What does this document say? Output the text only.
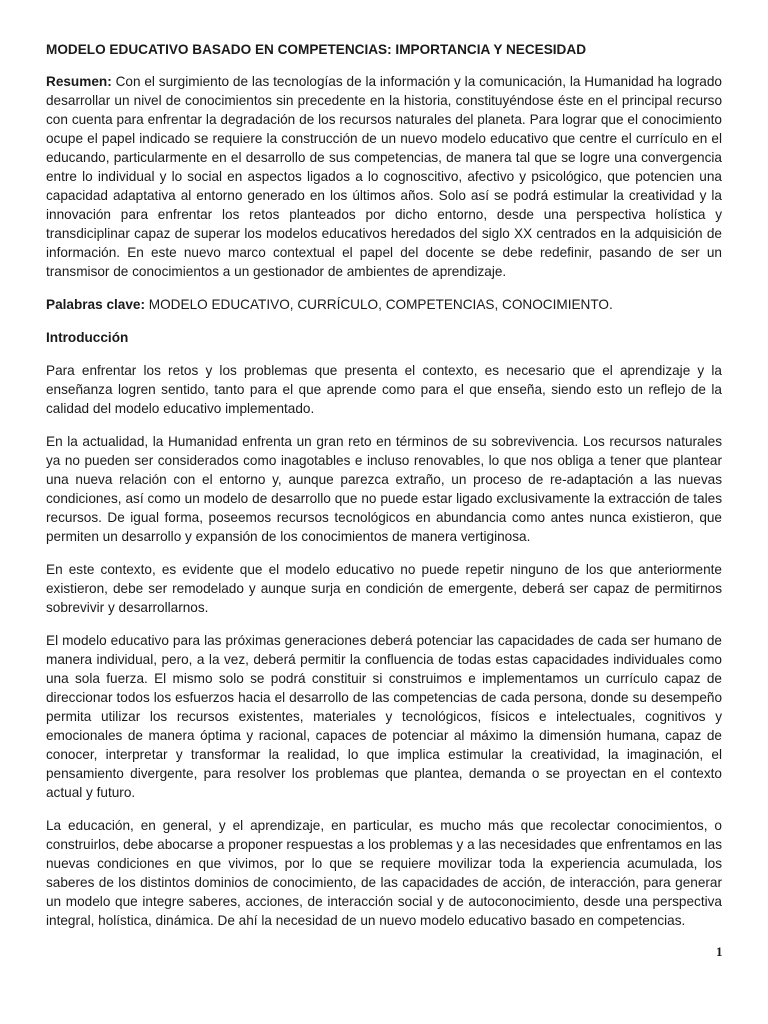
MODELO EDUCATIVO BASADO EN COMPETENCIAS: IMPORTANCIA Y NECESIDAD

Resumen: Con el surgimiento de las tecnologías de la información y la comunicación, la Humanidad ha logrado desarrollar un nivel de conocimientos sin precedente en la historia, constituyéndose éste en el principal recurso con cuenta para enfrentar la degradación de los recursos naturales del planeta. Para lograr que el conocimiento ocupe el papel indicado se requiere la construcción de un nuevo modelo educativo que centre el currículo en el educando, particularmente en el desarrollo de sus competencias, de manera tal que se logre una convergencia entre lo individual y lo social en aspectos ligados a lo cognoscitivo, afectivo y psicológico, que potencien una capacidad adaptativa al entorno generado en los últimos años. Solo así se podrá estimular la creatividad y la innovación para enfrentar los retos planteados por dicho entorno, desde una perspectiva holística y transdiciplinar capaz de superar los modelos educativos heredados del siglo XX centrados en la adquisición de información. En este nuevo marco contextual el papel del docente se debe redefinir, pasando de ser un transmisor de conocimientos a un gestionador de ambientes de aprendizaje.

Palabras clave: MODELO EDUCATIVO, CURRÍCULO, COMPETENCIAS, CONOCIMIENTO.

Introducción

Para enfrentar los retos y los problemas que presenta el contexto, es necesario que el aprendizaje y la enseñanza logren sentido, tanto para el que aprende como para el que enseña, siendo esto un reflejo de la calidad del modelo educativo implementado.

En la actualidad, la Humanidad enfrenta un gran reto en términos de su sobrevivencia. Los recursos naturales ya no pueden ser considerados como inagotables e incluso renovables, lo que nos obliga a tener que plantear una nueva relación con el entorno y, aunque parezca extraño, un proceso de re-adaptación a las nuevas condiciones, así como un modelo de desarrollo que no puede estar ligado exclusivamente la extracción de tales recursos. De igual forma, poseemos recursos tecnológicos en abundancia como antes nunca existieron, que permiten un desarrollo y expansión de los conocimientos de manera vertiginosa.

En este contexto, es evidente que el modelo educativo no puede repetir ninguno de los que anteriormente existieron, debe ser remodelado y aunque surja en condición de emergente, deberá ser capaz de permitirnos sobrevivir y desarrollarnos.

El modelo educativo para las próximas generaciones deberá potenciar las capacidades de cada ser humano de manera individual, pero, a la vez, deberá permitir la confluencia de todas estas capacidades individuales como una sola fuerza. El mismo solo se podrá constituir si construimos e implementamos un currículo capaz de direccionar todos los esfuerzos hacia el desarrollo de las competencias de cada persona, donde su desempeño permita utilizar los recursos existentes, materiales y tecnológicos, físicos e intelectuales, cognitivos y emocionales de manera óptima y racional, capaces de potenciar al máximo la dimensión humana, capaz de conocer, interpretar y transformar la realidad, lo que implica estimular la creatividad, la imaginación, el pensamiento divergente, para resolver los problemas que plantea, demanda o se proyectan en el contexto actual y futuro.

La educación, en general, y el aprendizaje, en particular, es mucho más que recolectar conocimientos, o construirlos, debe abocarse a proponer respuestas a los problemas y a las necesidades que enfrentamos en las nuevas condiciones en que vivimos, por lo que se requiere movilizar toda la experiencia acumulada, los saberes de los distintos dominios de conocimiento, de las capacidades de acción, de interacción, para generar un modelo que integre saberes, acciones, de interacción social y de autoconocimiento, desde una perspectiva integral, holística, dinámica. De ahí la necesidad de un nuevo modelo educativo basado en competencias.

1
